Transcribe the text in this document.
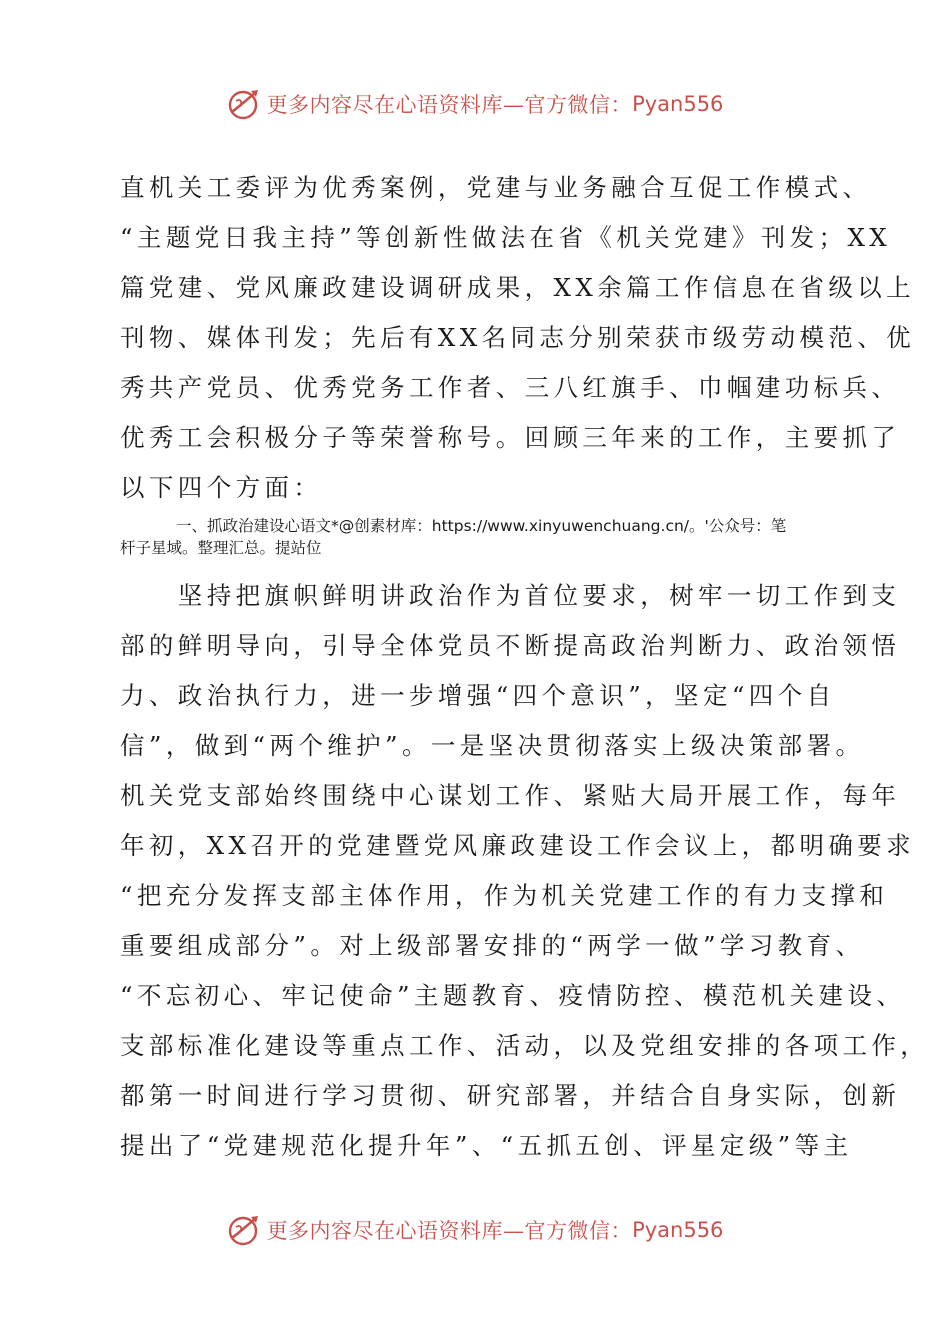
更多内容尽在心语资料库—官方微信： Pyan556
直机关工委评为优秀案例，党建与业务融合互促工作模式、
“主题党日我主持”等创新性做法在省《机关党建》刊发；XX
篇党建、党风廉政建设调研成果，XX余篇工作信息在省级以上
刊物、媒体刊发；先后有XX名同志分别荣获市级劳动模范、优
秀共产党员、优秀党务工作者、三八红旗手、巾帼建功标兵、
优秀工会积极分子等荣誉称号。回顾三年来的工作，主要抓了
以下四个方面：
一、抓政治建设心语文*@创素材库：https://www.xinyuwenchuang.cn/。'公众号：笔
杆子星域。整理汇总。提站位
　　坚持把旗帜鲜明讲政治作为首位要求，树牢一切工作到支
部的鲜明导向，引导全体党员不断提高政治判断力、政治领悟
力、政治执行力，进一步增强“四个意识”，坚定“四个自
信”，做到“两个维护”。一是坚决贯彻落实上级决策部署。
机关党支部始终围绕中心谋划工作、紧贴大局开展工作，每年
年初，XX召开的党建暨党风廉政建设工作会议上，都明确要求
“把充分发挥支部主体作用，作为机关党建工作的有力支撑和
重要组成部分”。对上级部署安排的“两学一做”学习教育、
“不忘初心、牢记使命”主题教育、疫情防控、模范机关建设、
支部标准化建设等重点工作、活动，以及党组安排的各项工作，
都第一时间进行学习贯彻、研究部署，并结合自身实际，创新
提出了“党建规范化提升年”、“五抓五创、评星定级”等主
更多内容尽在心语资料库—官方微信： Pyan556
